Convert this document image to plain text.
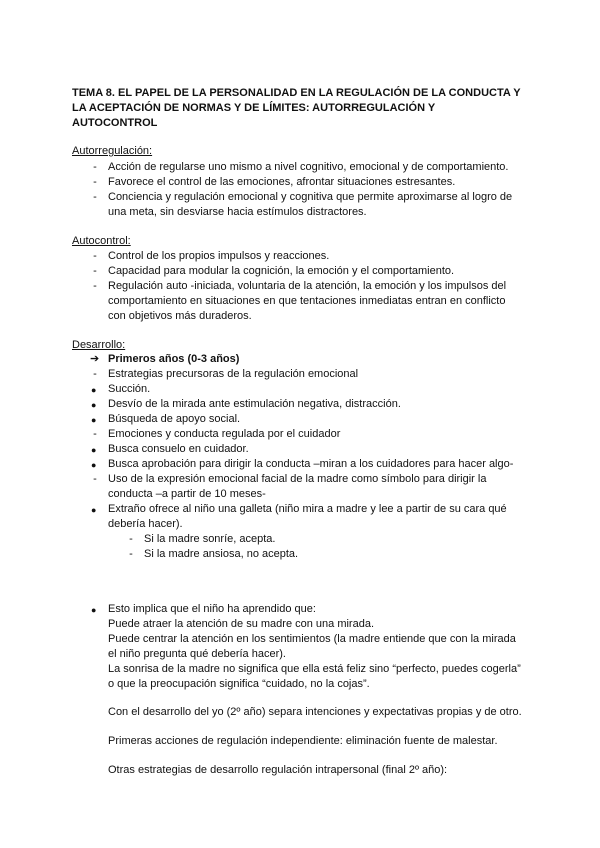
TEMA 8. EL PAPEL DE LA PERSONALIDAD EN LA REGULACIÓN DE LA CONDUCTA Y
LA ACEPTACIÓN DE NORMAS Y DE LÍMITES: AUTORREGULACIÓN Y
AUTOCONTROL
Autorregulación:
- Acción de regularse uno mismo a nivel cognitivo, emocional y de comportamiento.
- Favorece el control de las emociones, afrontar situaciones estresantes.
- Conciencia y regulación emocional y cognitiva que permite aproximarse al logro de
una meta, sin desviarse hacia estímulos distractores.
Autocontrol:
- Control de los propios impulsos y reacciones.
- Capacidad para modular la cognición, la emoción y el comportamiento.
- Regulación auto -iniciada, voluntaria de la atención, la emoción y los impulsos del
comportamiento en situaciones en que tentaciones inmediatas entran en conflicto
con objetivos más duraderos.
Desarrollo:
➔ Primeros años (0-3 años)
- Estrategias precursoras de la regulación emocional
● Succión.
● Desvío de la mirada ante estimulación negativa, distracción.
● Búsqueda de apoyo social.
- Emociones y conducta regulada por el cuidador
● Busca consuelo en cuidador.
● Busca aprobación para dirigir la conducta –miran a los cuidadores para hacer algo-
- Uso de la expresión emocional facial de la madre como símbolo para dirigir la
conducta –a partir de 10 meses-
● Extraño ofrece al niño una galleta (niño mira a madre y lee a partir de su cara qué
debería hacer).
- Si la madre sonríe, acepta.
- Si la madre ansiosa, no acepta.
● Esto implica que el niño ha aprendido que:
Puede atraer la atención de su madre con una mirada.
Puede centrar la atención en los sentimientos (la madre entiende que con la mirada
el niño pregunta qué debería hacer).
La sonrisa de la madre no significa que ella está feliz sino “perfecto, puedes cogerla”
o que la preocupación significa “cuidado, no la cojas”.
Con el desarrollo del yo (2º año) separa intenciones y expectativas propias y de otro.
Primeras acciones de regulación independiente: eliminación fuente de malestar.
Otras estrategias de desarrollo regulación intrapersonal (final 2º año):
